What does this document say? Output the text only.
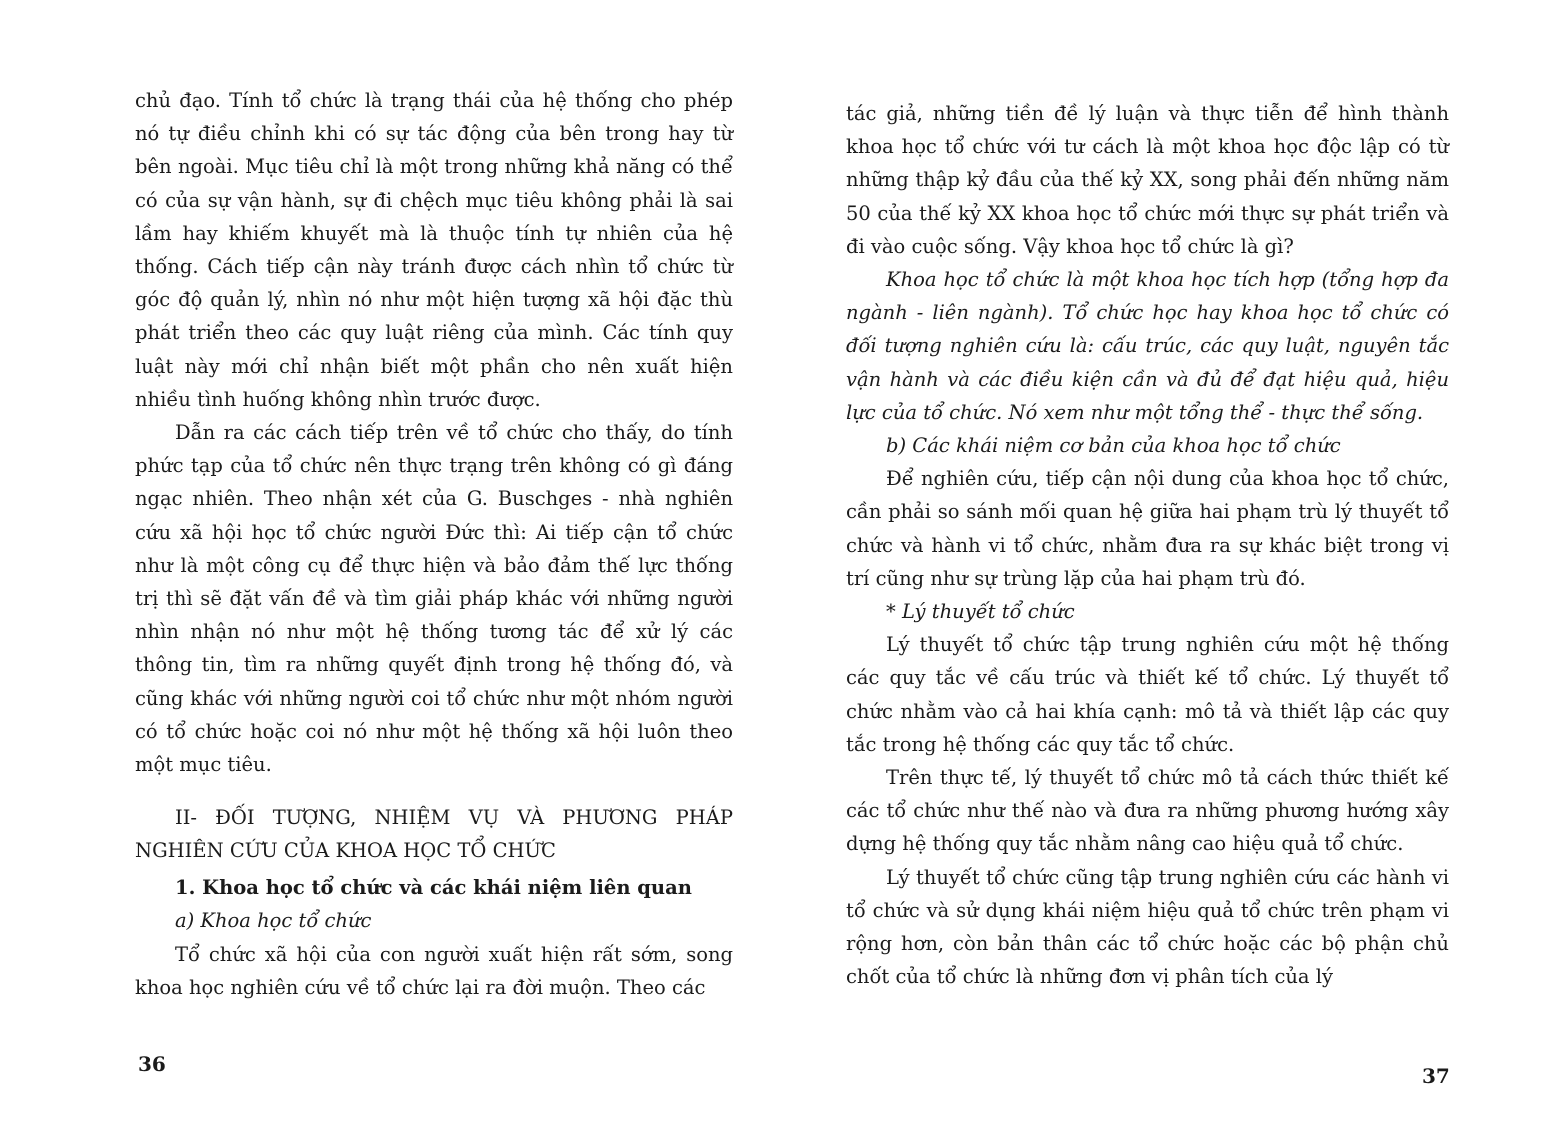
chủ đạo. Tính tổ chức là trạng thái của hệ thống cho phép nó tự điều chỉnh khi có sự tác động của bên trong hay từ bên ngoài. Mục tiêu chỉ là một trong những khả năng có thể có của sự vận hành, sự đi chệch mục tiêu không phải là sai lầm hay khiếm khuyết mà là thuộc tính tự nhiên của hệ thống. Cách tiếp cận này tránh được cách nhìn tổ chức từ góc độ quản lý, nhìn nó như một hiện tượng xã hội đặc thù phát triển theo các quy luật riêng của mình. Các tính quy luật này mới chỉ nhận biết một phần cho nên xuất hiện nhiều tình huống không nhìn trước được.

Dẫn ra các cách tiếp trên về tổ chức cho thấy, do tính phức tạp của tổ chức nên thực trạng trên không có gì đáng ngạc nhiên. Theo nhận xét của G. Buschges - nhà nghiên cứu xã hội học tổ chức người Đức thì: Ai tiếp cận tổ chức như là một công cụ để thực hiện và bảo đảm thế lực thống trị thì sẽ đặt vấn đề và tìm giải pháp khác với những người nhìn nhận nó như một hệ thống tương tác để xử lý các thông tin, tìm ra những quyết định trong hệ thống đó, và cũng khác với những người coi tổ chức như một nhóm người có tổ chức hoặc coi nó như một hệ thống xã hội luôn theo một mục tiêu.

II- ĐỐI TƯỢNG, NHIỆM VỤ VÀ PHƯƠNG PHÁP NGHIÊN CỨU CỦA KHOA HỌC TỔ CHỨC

1. Khoa học tổ chức và các khái niệm liên quan

a) Khoa học tổ chức

Tổ chức xã hội của con người xuất hiện rất sớm, song khoa học nghiên cứu về tổ chức lại ra đời muộn. Theo các

36

tác giả, những tiền đề lý luận và thực tiễn để hình thành khoa học tổ chức với tư cách là một khoa học độc lập có từ những thập kỷ đầu của thế kỷ XX, song phải đến những năm 50 của thế kỷ XX khoa học tổ chức mới thực sự phát triển và đi vào cuộc sống. Vậy khoa học tổ chức là gì?

Khoa học tổ chức là một khoa học tích hợp (tổng hợp đa ngành - liên ngành). Tổ chức học hay khoa học tổ chức có đối tượng nghiên cứu là: cấu trúc, các quy luật, nguyên tắc vận hành và các điều kiện cần và đủ để đạt hiệu quả, hiệu lực của tổ chức. Nó xem như một tổng thể - thực thể sống.

b) Các khái niệm cơ bản của khoa học tổ chức

Để nghiên cứu, tiếp cận nội dung của khoa học tổ chức, cần phải so sánh mối quan hệ giữa hai phạm trù lý thuyết tổ chức và hành vi tổ chức, nhằm đưa ra sự khác biệt trong vị trí cũng như sự trùng lặp của hai phạm trù đó.

* Lý thuyết tổ chức

Lý thuyết tổ chức tập trung nghiên cứu một hệ thống các quy tắc về cấu trúc và thiết kế tổ chức. Lý thuyết tổ chức nhằm vào cả hai khía cạnh: mô tả và thiết lập các quy tắc trong hệ thống các quy tắc tổ chức.

Trên thực tế, lý thuyết tổ chức mô tả cách thức thiết kế các tổ chức như thế nào và đưa ra những phương hướng xây dựng hệ thống quy tắc nhằm nâng cao hiệu quả tổ chức.

Lý thuyết tổ chức cũng tập trung nghiên cứu các hành vi tổ chức và sử dụng khái niệm hiệu quả tổ chức trên phạm vi rộng hơn, còn bản thân các tổ chức hoặc các bộ phận chủ chốt của tổ chức là những đơn vị phân tích của lý

37
